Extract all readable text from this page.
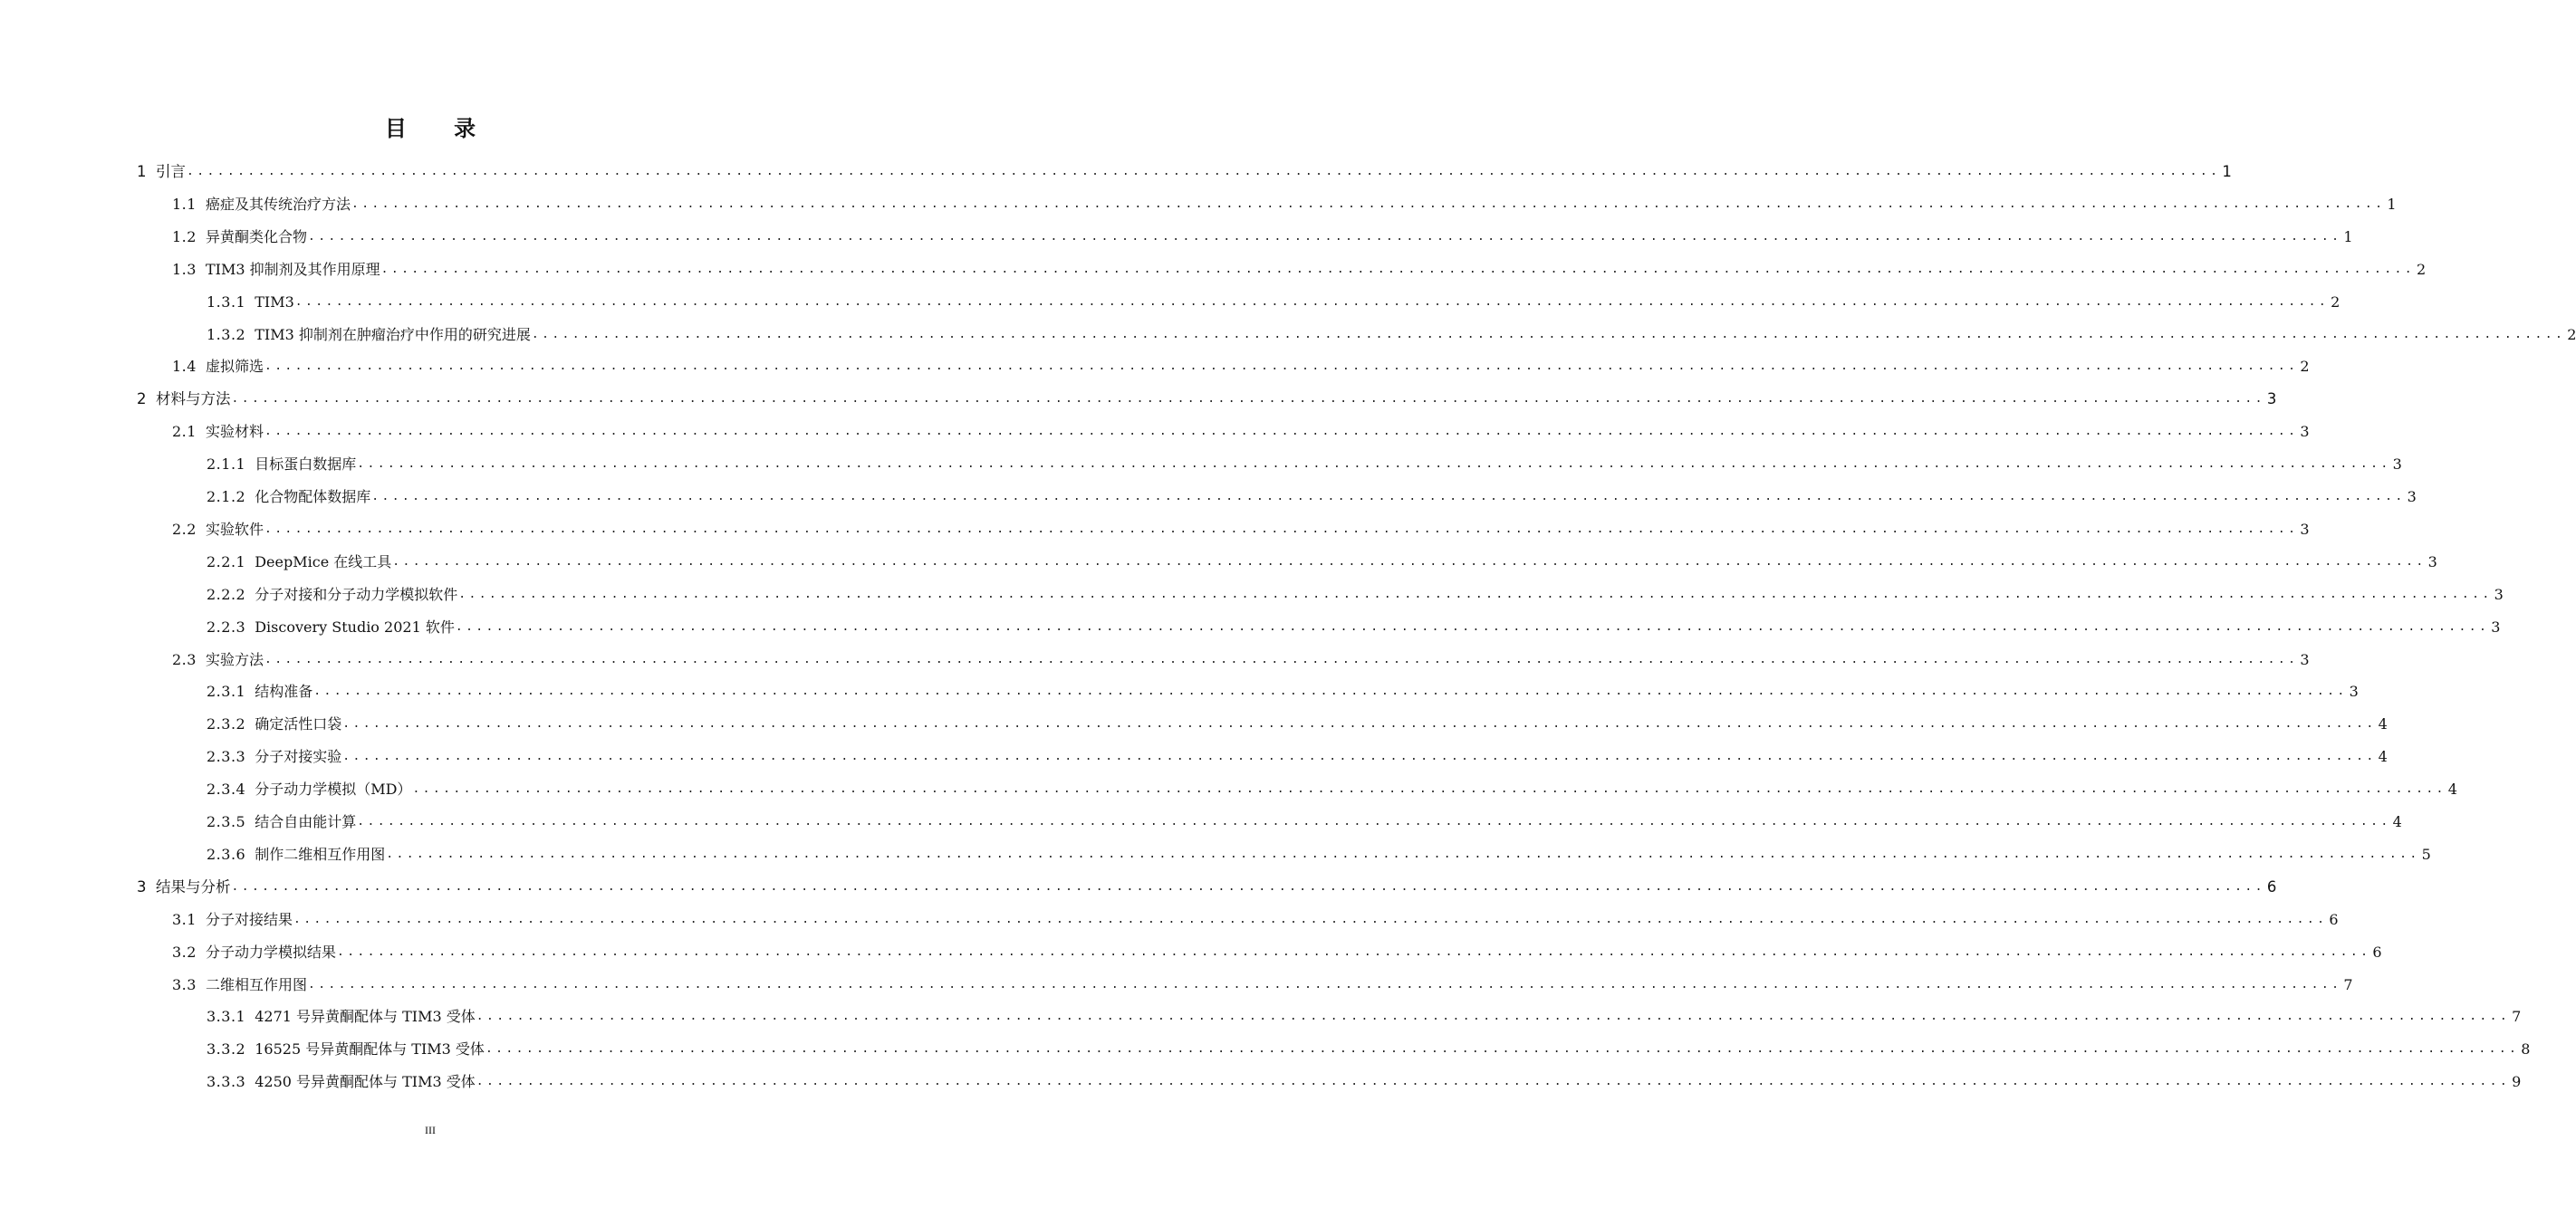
目 录
1 引言 ........................................................................................................................................................................................................ 1
1.1 癌症及其传统治疗方法 ........................................................................................................................................................................................................ 1
1.2 异黄酮类化合物 ........................................................................................................................................................................................................ 1
1.3 TIM3 抑制剂及其作用原理 ........................................................................................................................................................................................................ 2
1.3.1 TIM3 ........................................................................................................................................................................................................ 2
1.3.2 TIM3 抑制剂在肿瘤治疗中作用的研究进展 ........................................................................................................................................................................................................ 2
1.4 虚拟筛选 ........................................................................................................................................................................................................ 2
2 材料与方法 ........................................................................................................................................................................................................ 3
2.1 实验材料 ........................................................................................................................................................................................................ 3
2.1.1 目标蛋白数据库 ........................................................................................................................................................................................................ 3
2.1.2 化合物配体数据库 ........................................................................................................................................................................................................ 3
2.2 实验软件 ........................................................................................................................................................................................................ 3
2.2.1 DeepMice 在线工具 ........................................................................................................................................................................................................ 3
2.2.2 分子对接和分子动力学模拟软件 ........................................................................................................................................................................................................ 3
2.2.3 Discovery Studio 2021 软件 ........................................................................................................................................................................................................ 3
2.3 实验方法 ........................................................................................................................................................................................................ 3
2.3.1 结构准备 ........................................................................................................................................................................................................ 3
2.3.2 确定活性口袋 ........................................................................................................................................................................................................ 4
2.3.3 分子对接实验 ........................................................................................................................................................................................................ 4
2.3.4 分子动力学模拟（MD） ........................................................................................................................................................................................................ 4
2.3.5 结合自由能计算 ........................................................................................................................................................................................................ 4
2.3.6 制作二维相互作用图 ........................................................................................................................................................................................................ 5
3 结果与分析 ........................................................................................................................................................................................................ 6
3.1 分子对接结果 ........................................................................................................................................................................................................ 6
3.2 分子动力学模拟结果 ........................................................................................................................................................................................................ 6
3.3 二维相互作用图 ........................................................................................................................................................................................................ 7
3.3.1 4271 号异黄酮配体与 TIM3 受体 ........................................................................................................................................................................................................ 7
3.3.2 16525 号异黄酮配体与 TIM3 受体 ........................................................................................................................................................................................................ 8
3.3.3 4250 号异黄酮配体与 TIM3 受体 ........................................................................................................................................................................................................ 9
III
